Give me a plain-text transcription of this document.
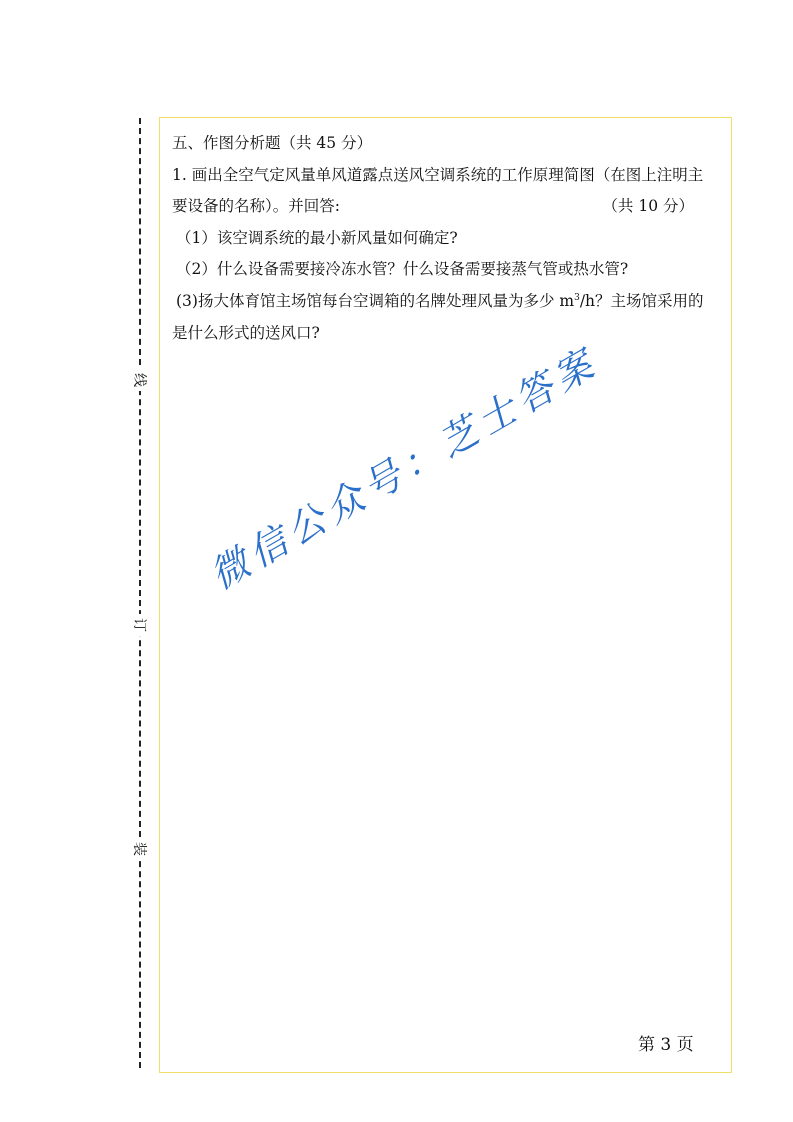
线
订
装
五、作图分析题（共 45 分）
1. 画出全空气定风量单风道露点送风空调系统的工作原理简图（在图上注明主
要设备的名称）。并回答:	（共 10 分）
（1）该空调系统的最小新风量如何确定?
（2）什么设备需要接冷冻水管？什么设备需要接蒸气管或热水管?
(3)扬大体育馆主场馆每台空调箱的名牌处理风量为多少 $m^3/h$？主场馆采用的
是什么形式的送风口?
微信公众号：芝士答案
第 3 页
